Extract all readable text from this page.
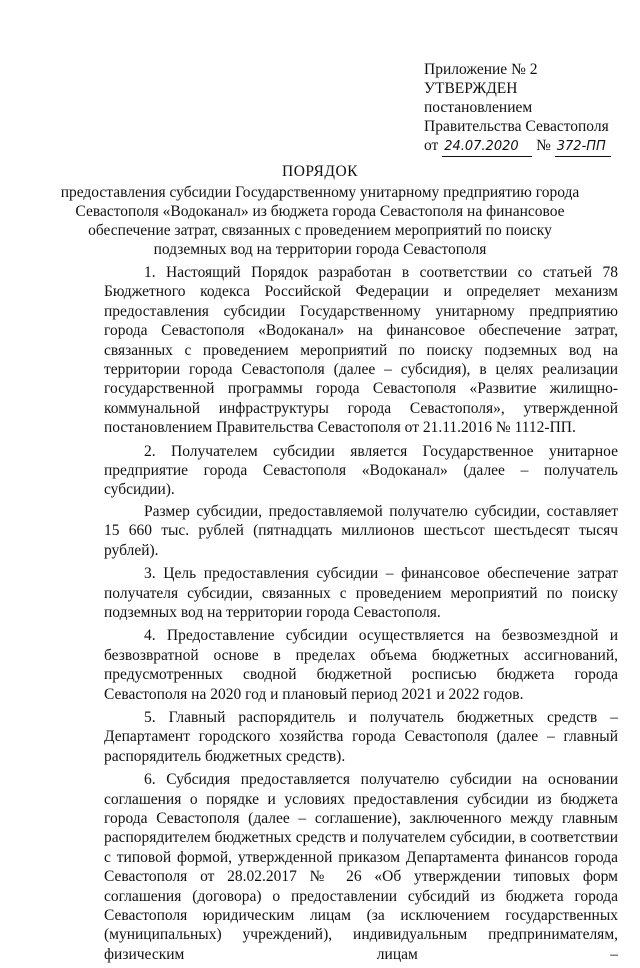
Приложение № 2
УТВЕРЖДЕН
постановлением
Правительства Севастополя
от 24.07.2020 № 372-ПП
ПОРЯДОК
предоставления субсидии Государственному унитарному предприятию города Севастополя «Водоканал» из бюджета города Севастополя на финансовое обеспечение затрат, связанных с проведением мероприятий по поиску подземных вод на территории города Севастополя

1. Настоящий Порядок разработан в соответствии со статьей 78 Бюджетного кодекса Российской Федерации и определяет механизм предоставления субсидии Государственному унитарному предприятию города Севастополя «Водоканал» на финансовое обеспечение затрат, связанных с проведением мероприятий по поиску подземных вод на территории города Севастополя (далее – субсидия), в целях реализации государственной программы города Севастополя «Развитие жилищно-коммунальной инфраструктуры города Севастополя», утвержденной постановлением Правительства Севастополя от 21.11.2016 № 1112-ПП.

2. Получателем субсидии является Государственное унитарное предприятие города Севастополя «Водоканал» (далее – получатель субсидии).

Размер субсидии, предоставляемой получателю субсидии, составляет 15 660 тыс. рублей (пятнадцать миллионов шестьсот шестьдесят тысяч рублей).

3. Цель предоставления субсидии – финансовое обеспечение затрат получателя субсидии, связанных с проведением мероприятий по поиску подземных вод на территории города Севастополя.

4. Предоставление субсидии осуществляется на безвозмездной и безвозвратной основе в пределах объема бюджетных ассигнований, предусмотренных сводной бюджетной росписью бюджета города Севастополя на 2020 год и плановый период 2021 и 2022 годов.

5. Главный распорядитель и получатель бюджетных средств – Департамент городского хозяйства города Севастополя (далее – главный распорядитель бюджетных средств).

6. Субсидия предоставляется получателю субсидии на основании соглашения о порядке и условиях предоставления субсидии из бюджета города Севастополя (далее – соглашение), заключенного между главным распорядителем бюджетных средств и получателем субсидии, в соответствии с типовой формой, утвержденной приказом Департамента финансов города Севастополя от 28.02.2017 № 26 «Об утверждении типовых форм соглашения (договора) о предоставлении субсидий из бюджета города Севастополя юридическим лицам (за исключением государственных (муниципальных) учреждений), индивидуальным предпринимателям, физическим лицам –
